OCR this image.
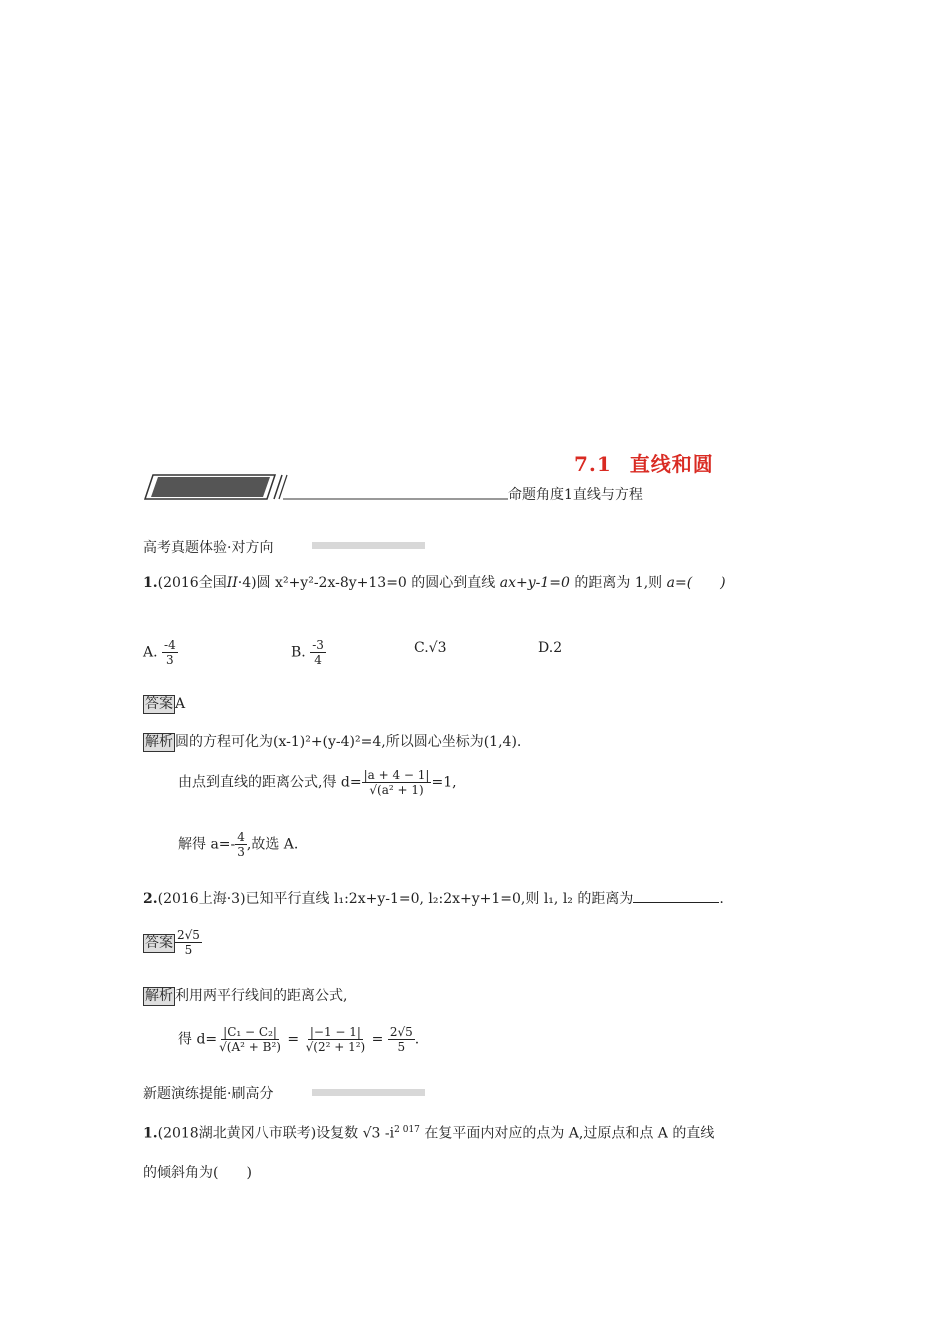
7.1 直线和圆
命题角度1直线与方程
高考真题体验·对方向
1.(2016全国II·4)圆 x²+y²-2x-8y+13=0 的圆心到直线 ax+y-1=0 的距离为 1,则 a=(　　)
A. $\frac{-4}{3}$	B. $\frac{-3}{4}$	C.√3	D.2
答案 A
解析 圆的方程可化为(x-1)²+(y-4)²=4,所以圆心坐标为(1,4).
由点到直线的距离公式,得 $d= \frac{|a + 4 - 1|}{\text{√(a² + 1)}} =1$,
解得 $a=- \frac{4}{3}$ ,故选 A.
2.(2016上海·3)已知平行直线 l₁:2x+y-1=0, l₂:2x+y+1=0,则 l₁, l₂ 的距离为	.
答案 $\frac{2√5}{5}$
解析 利用两平行线间的距离公式,
得 $d= \frac{\text{|C₁ − C₂|}}{\text{√(A² + B²)}} = \frac{|-1 - 1|}{\text{√(2² + 1²)}} = \frac{2√5}{5}$ .
新题演练提能·刷高分
1.(2018湖北黄冈八市联考)设复数 √3 $-i^{2 017}$ 在复平面内对应的点为 A,过原点和点 A 的直线
的倾斜角为(　　)
